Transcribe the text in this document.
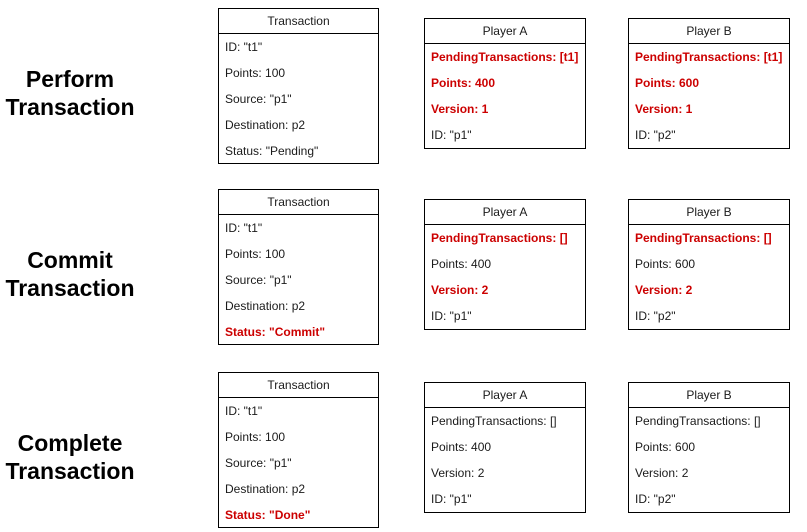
Perform Transaction
Transaction
ID: "t1"
Points: 100
Source: "p1"
Destination: p2
Status: "Pending"
Player A
PendingTransactions: [t1]
Points: 400
Version: 1
ID: "p1"
Player B
PendingTransactions: [t1]
Points: 600
Version: 1
ID: "p2"
Commit Transaction
Transaction
ID: "t1"
Points: 100
Source: "p1"
Destination: p2
Status: "Commit"
Player A
PendingTransactions: []
Points: 400
Version: 2
ID: "p1"
Player B
PendingTransactions: []
Points: 600
Version: 2
ID: "p2"
Complete Transaction
Transaction
ID: "t1"
Points: 100
Source: "p1"
Destination: p2
Status: "Done"
Player A
PendingTransactions: []
Points: 400
Version: 2
ID: "p1"
Player B
PendingTransactions: []
Points: 600
Version: 2
ID: "p2"
